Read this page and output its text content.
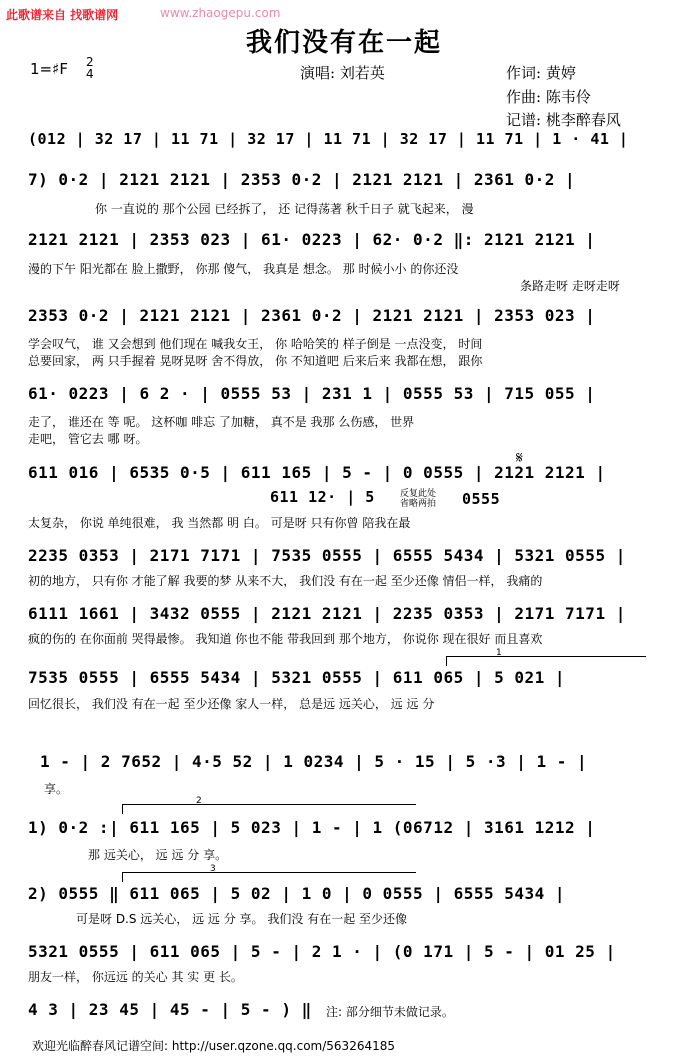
此歌谱来自 找歌谱网	www.zhaogepu.com
我们没有在一起
1=♯F 2
4	演唱: 刘若英	作词: 黄婷
作曲: 陈韦伶
记谱: 桃李醉春风
(012 | 32 17 | 11 71 | 32 17 | 11 71 | 32 17 | 11 71 | 1 · 41 |
7) 0·2 | 2121 2121 | 2353 0·2 | 2121 2121 | 2361 0·2 |
你 一直说的 那个公园 已经拆了， 还 记得荡著 秋千日子 就飞起来， 漫
2121 2121 | 2353 023 | 61· 0223 | 62· 0·2 ‖: 2121 2121 |
漫的下午 阳光都在 脸上撒野， 你那 傻气， 我真是 想念。 那 时候小小 的你还没
条路走呀 走呀走呀
2353 0·2 | 2121 2121 | 2361 0·2 | 2121 2121 | 2353 023 |
学会叹气， 谁 又会想到 他们现在 喊我女王， 你 哈哈笑的 样子倒是 一点没变， 时间
总要回家， 两 只手握着 晃呀晃呀 舍不得放， 你 不知道吧 后来后来 我都在想， 跟你
61· 0223 | 6 2 · | 0555 53 | 231 1 | 0555 53 | 715 055 |
走了， 谁还在 等 呢。 这杯咖 啡忘 了加糖， 真不是 我那 么伤感， 世界
走吧， 管它去 哪 呀。
𝄋
611 016 | 6535 0·5 | 611 165 | 5 - | 0 0555 | 2121 2121 |
611 12· | 5	反复此处
省略两拍 0555
太复杂， 你说 单纯很难， 我 当然都 明 白。 可是呀 只有你曾 陪我在最
2235 0353 | 2171 7171 | 7535 0555 | 6555 5434 | 5321 0555 |
初的地方， 只有你 才能了解 我要的梦 从来不大， 我们没 有在一起 至少还像 情侣一样， 我痛的
6111 1661 | 3432 0555 | 2121 2121 | 2235 0353 | 2171 7171 |
疯的伤的 在你面前 哭得最惨。 我知道 你也不能 带我回到 那个地方， 你说你 现在很好 而且喜欢
1
7535 0555 | 6555 5434 | 5321 0555 | 611 065 | 5 021 |
回忆很长， 我们没 有在一起 至少还像 家人一样， 总是远 远关心， 远 远 分
1 - | 2 7652 | 4·5 52 | 1 0234 | 5 · 15 | 5 ·3 | 1 - |
享。
2
1) 0·2 :| 611 165 | 5 023 | 1 - | 1 (06712 | 3161 1212 |
那 远关心， 远 远 分 享。
3
2) 0555 ‖ 611 065 | 5 02 | 1 0 | 0 0555 | 6555 5434 |
可是呀 D.S 远关心， 远 远 分 享。 我们没 有在一起 至少还像
5321 0555 | 611 065 | 5 - | 2 1 · | (0 171 | 5 - | 01 25 |
朋友一样， 你远远 的关心 其 实 更 长。
4 3 | 23 45 | 45 - | 5 - ) ‖	注: 部分细节未做记录。
欢迎光临醉春风记谱空间: http://user.qzone.qq.com/563264185
